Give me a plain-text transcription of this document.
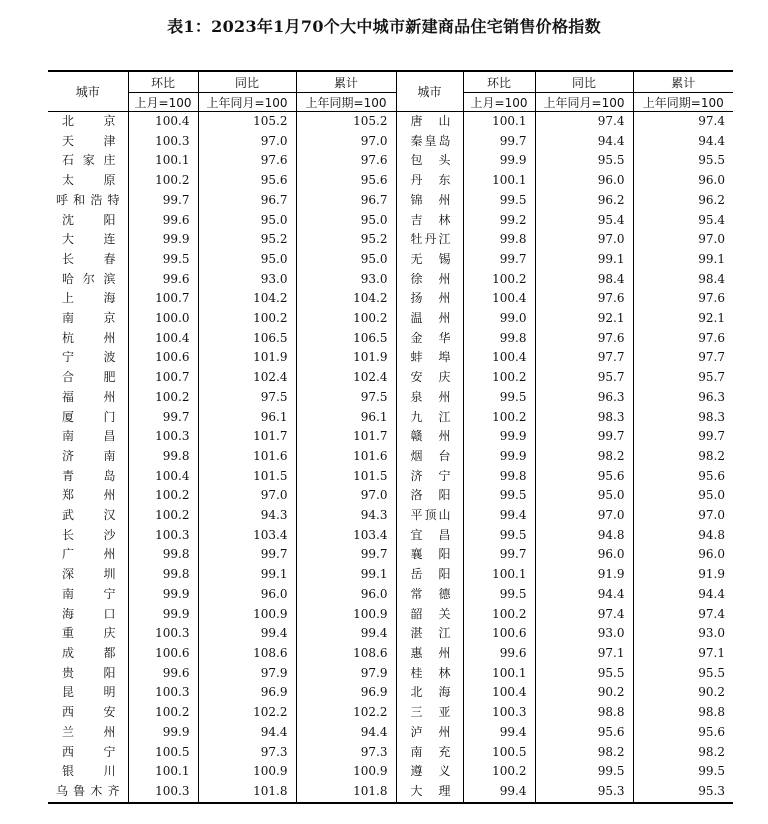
表1：2023年1月70个大中城市新建商品住宅销售价格指数
城市	环比	同比	累计	城市	环比	同比	累计
	上月=100	上年同月=100	上年同期=100		上月=100	上年同月=100	上年同期=100
北京	100.4	105.2	105.2	唐山	100.1	97.4	97.4
天津	100.3	97.0	97.0	秦皇岛	99.7	94.4	94.4
石家庄	100.1	97.6	97.6	包头	99.9	95.5	95.5
太原	100.2	95.6	95.6	丹东	100.1	96.0	96.0
呼和浩特	99.7	96.7	96.7	锦州	99.5	96.2	96.2
沈阳	99.6	95.0	95.0	吉林	99.2	95.4	95.4
大连	99.9	95.2	95.2	牡丹江	99.8	97.0	97.0
长春	99.5	95.0	95.0	无锡	99.7	99.1	99.1
哈尔滨	99.6	93.0	93.0	徐州	100.2	98.4	98.4
上海	100.7	104.2	104.2	扬州	100.4	97.6	97.6
南京	100.0	100.2	100.2	温州	99.0	92.1	92.1
杭州	100.4	106.5	106.5	金华	99.8	97.6	97.6
宁波	100.6	101.9	101.9	蚌埠	100.4	97.7	97.7
合肥	100.7	102.4	102.4	安庆	100.2	95.7	95.7
福州	100.2	97.5	97.5	泉州	99.5	96.3	96.3
厦门	99.7	96.1	96.1	九江	100.2	98.3	98.3
南昌	100.3	101.7	101.7	赣州	99.9	99.7	99.7
济南	99.8	101.6	101.6	烟台	99.9	98.2	98.2
青岛	100.4	101.5	101.5	济宁	99.8	95.6	95.6
郑州	100.2	97.0	97.0	洛阳	99.5	95.0	95.0
武汉	100.2	94.3	94.3	平顶山	99.4	97.0	97.0
长沙	100.3	103.4	103.4	宜昌	99.5	94.8	94.8
广州	99.8	99.7	99.7	襄阳	99.7	96.0	96.0
深圳	99.8	99.1	99.1	岳阳	100.1	91.9	91.9
南宁	99.9	96.0	96.0	常德	99.5	94.4	94.4
海口	99.9	100.9	100.9	韶关	100.2	97.4	97.4
重庆	100.3	99.4	99.4	湛江	100.6	93.0	93.0
成都	100.6	108.6	108.6	惠州	99.6	97.1	97.1
贵阳	99.6	97.9	97.9	桂林	100.1	95.5	95.5
昆明	100.3	96.9	96.9	北海	100.4	90.2	90.2
西安	100.2	102.2	102.2	三亚	100.3	98.8	98.8
兰州	99.9	94.4	94.4	泸州	99.4	95.6	95.6
西宁	100.5	97.3	97.3	南充	100.5	98.2	98.2
银川	100.1	100.9	100.9	遵义	100.2	99.5	99.5
乌鲁木齐	100.3	101.8	101.8	大理	99.4	95.3	95.3
